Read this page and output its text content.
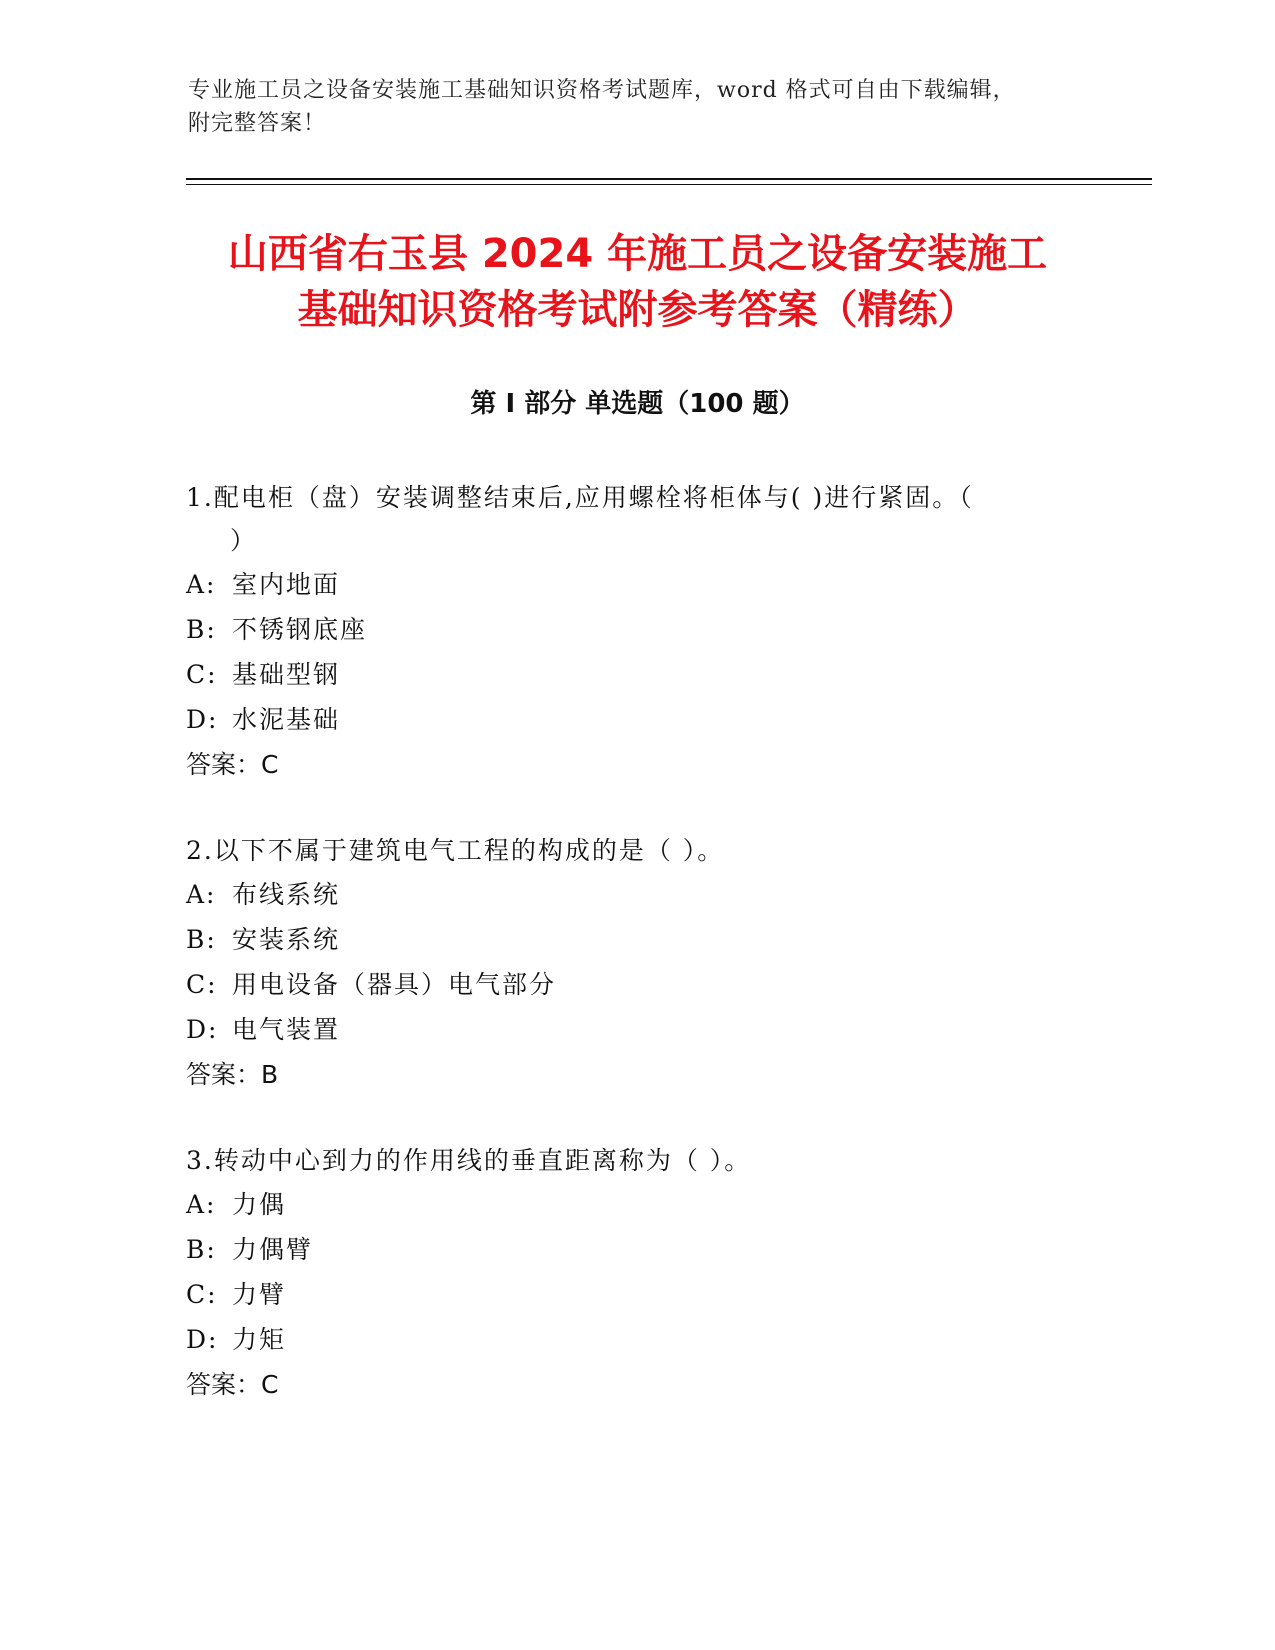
专业施工员之设备安装施工基础知识资格考试题库，word 格式可自由下载编辑，
附完整答案！
山西省右玉县 2024 年施工员之设备安装施工
基础知识资格考试附参考答案（精练）
第 I 部分 单选题（100 题）
1.配电柜（盘）安装调整结束后,应用螺栓将柜体与( )进行紧固。（
）
A: 室内地面
B: 不锈钢底座
C: 基础型钢
D: 水泥基础
答案：C
2.以下不属于建筑电气工程的构成的是（ ）。
A: 布线系统
B: 安装系统
C: 用电设备（器具）电气部分
D: 电气装置
答案：B
3.转动中心到力的作用线的垂直距离称为（ ）。
A: 力偶
B: 力偶臂
C: 力臂
D: 力矩
答案：C
